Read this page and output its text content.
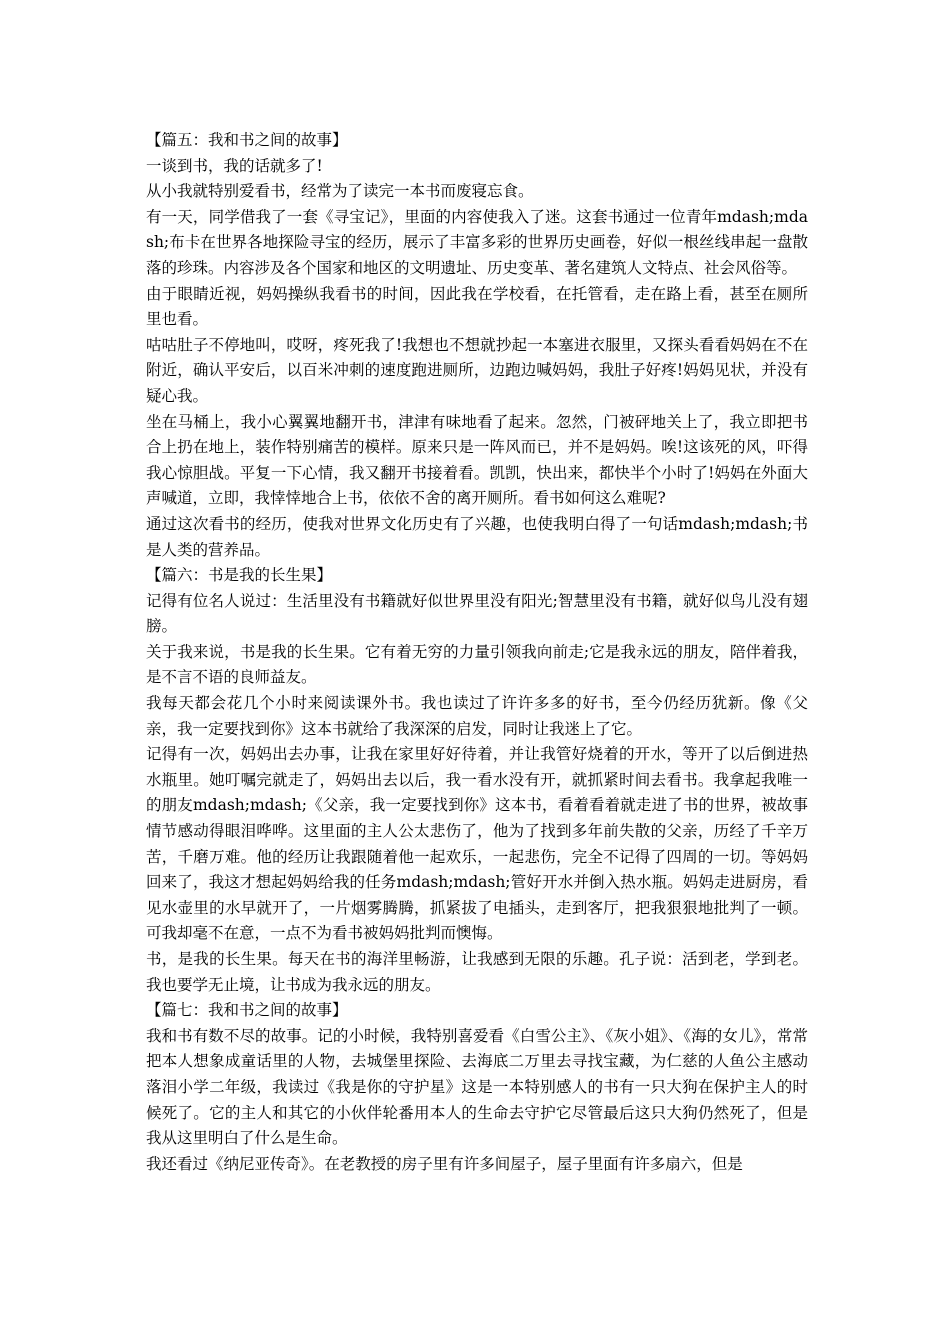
【篇五：我和书之间的故事】

一谈到书，我的话就多了!

从小我就特别爱看书，经常为了读完一本书而废寝忘食。

有一天，同学借我了一套《寻宝记》，里面的内容使我入了迷。这套书通过一位青年mdash;mdash;布卡在世界各地探险寻宝的经历，展示了丰富多彩的世界历史画卷，好似一根丝线串起一盘散落的珍珠。内容涉及各个国家和地区的文明遗址、历史变革、著名建筑人文特点、社会风俗等。

由于眼睛近视，妈妈操纵我看书的时间，因此我在学校看，在托管看，走在路上看，甚至在厕所里也看。

咕咕肚子不停地叫，哎呀，疼死我了!我想也不想就抄起一本塞进衣服里，又探头看看妈妈在不在附近，确认平安后，以百米冲刺的速度跑进厕所，边跑边喊妈妈，我肚子好疼!妈妈见状，并没有疑心我。

坐在马桶上，我小心翼翼地翻开书，津津有味地看了起来。忽然，门被砰地关上了，我立即把书合上扔在地上，装作特别痛苦的模样。原来只是一阵风而已，并不是妈妈。唉!这该死的风，吓得我心惊胆战。平复一下心情，我又翻开书接着看。凯凯，快出来，都快半个小时了!妈妈在外面大声喊道，立即，我悻悻地合上书，依依不舍的离开厕所。看书如何这么难呢?

通过这次看书的经历，使我对世界文化历史有了兴趣，也使我明白得了一句话mdash;mdash;书是人类的营养品。

【篇六：书是我的长生果】

记得有位名人说过：生活里没有书籍就好似世界里没有阳光;智慧里没有书籍，就好似鸟儿没有翅膀。

关于我来说，书是我的长生果。它有着无穷的力量引领我向前走;它是我永远的朋友，陪伴着我，是不言不语的良师益友。

我每天都会花几个小时来阅读课外书。我也读过了许许多多的好书，至今仍经历犹新。像《父亲，我一定要找到你》这本书就给了我深深的启发，同时让我迷上了它。

记得有一次，妈妈出去办事，让我在家里好好待着，并让我管好烧着的开水，等开了以后倒进热水瓶里。她叮嘱完就走了，妈妈出去以后，我一看水没有开，就抓紧时间去看书。我拿起我唯一的朋友mdash;mdash;《父亲，我一定要找到你》这本书，看着看着就走进了书的世界，被故事情节感动得眼泪哗哗。这里面的主人公太悲伤了，他为了找到多年前失散的父亲，历经了千辛万苦，千磨万难。他的经历让我跟随着他一起欢乐，一起悲伤，完全不记得了四周的一切。等妈妈回来了，我这才想起妈妈给我的任务mdash;mdash;管好开水并倒入热水瓶。妈妈走进厨房，看见水壶里的水早就开了，一片烟雾腾腾，抓紧拔了电插头，走到客厅，把我狠狠地批判了一顿。可我却毫不在意，一点不为看书被妈妈批判而懊悔。

书，是我的长生果。每天在书的海洋里畅游，让我感到无限的乐趣。孔子说：活到老，学到老。我也要学无止境，让书成为我永远的朋友。

【篇七：我和书之间的故事】

我和书有数不尽的故事。记的小时候，我特别喜爱看《白雪公主》、《灰小姐》、《海的女儿》，常常把本人想象成童话里的人物，去城堡里探险、去海底二万里去寻找宝藏，为仁慈的人鱼公主感动落泪小学二年级，我读过《我是你的守护星》这是一本特别感人的书有一只大狗在保护主人的时候死了。它的主人和其它的小伙伴轮番用本人的生命去守护它尽管最后这只大狗仍然死了，但是我从这里明白了什么是生命。

我还看过《纳尼亚传奇》。在老教授的房子里有许多间屋子，屋子里面有许多扇六，但是
